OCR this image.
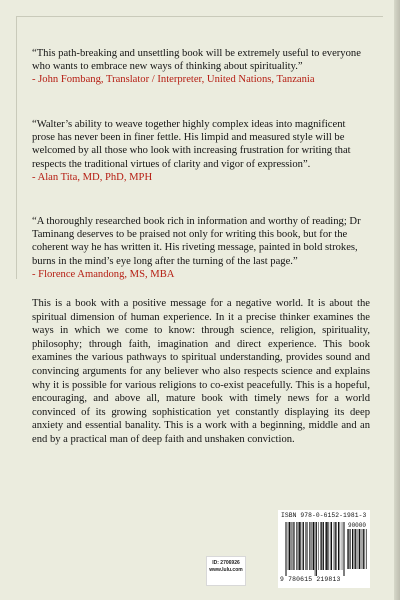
“This path-breaking and unsettling book will be extremely useful to everyone who wants to embrace new ways of thinking about spirituality.”
- John Fombang, Translator / Interpreter, United Nations, Tanzania

“Walter’s ability to weave together highly complex ideas into magnificent prose has never been in finer fettle. His limpid and measured style will be welcomed by all those who look with increasing frustration for writing that respects the traditional virtues of clarity and vigor of expression”.
- Alan Tita, MD, PhD, MPH

“A thoroughly researched book rich in information and worthy of reading; Dr Taminang deserves to be praised not only for writing this book, but for the coherent way he has written it. His riveting message, painted in bold strokes, burns in the mind’s eye long after the turning of the last page.”
- Florence Amandong, MS, MBA

This is a book with a positive message for a negative world. It is about the spiritual dimension of human experience. In it a precise thinker examines the ways in which we come to know: through science, religion, spirituality, philosophy; through faith, imagination and direct experience. This book examines the various pathways to spiritual understanding, provides sound and convincing arguments for any believer who also respects science and explains why it is possible for various religions to co-exist peacefully. This is a hopeful, encouraging, and above all, mature book with timely news for a world convinced of its growing sophistication yet constantly displaying its deep anxiety and essential banality. This is a work with a beginning, middle and an end by a practical man of deep faith and unshaken conviction.

ID: 2706926
www.lulu.com
ISBN 978-0-6152-1981-3
90000
9 780615 219813
